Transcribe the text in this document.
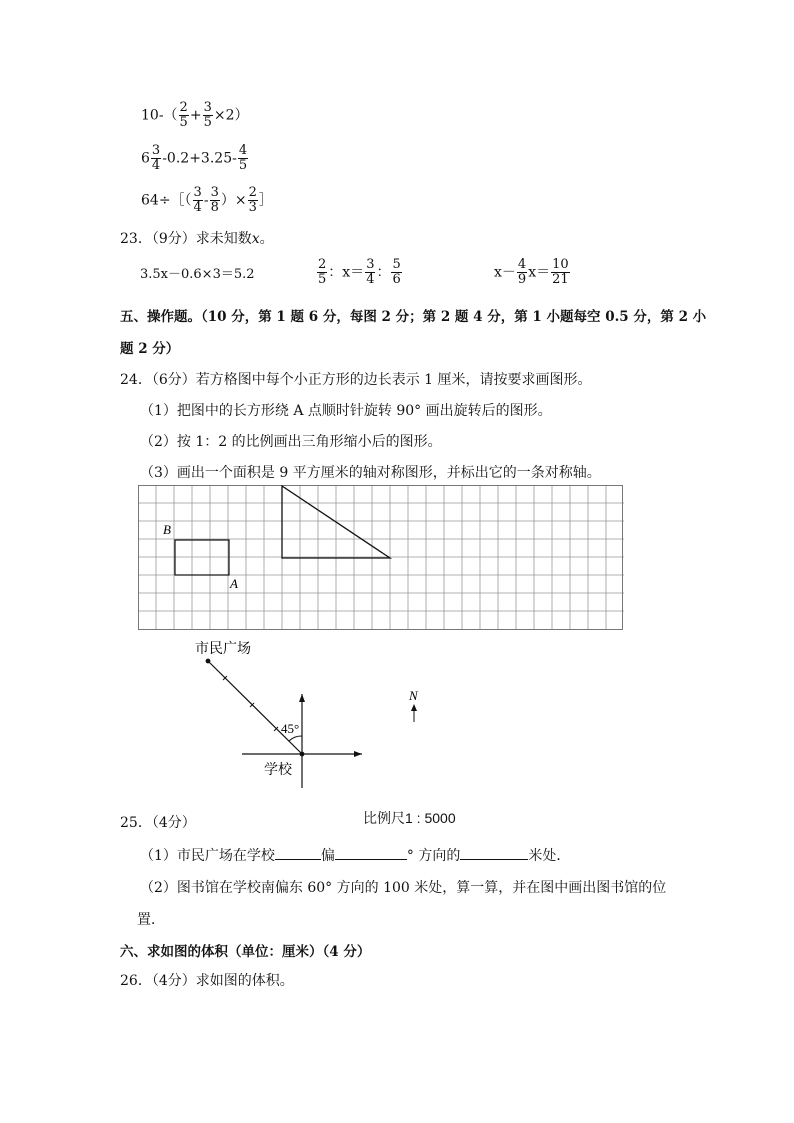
$10-( \frac{2}{5} + \frac{3}{5} \times 2)$
$6 \frac{3}{4} -0.2+3.25- \frac{4}{5}$
64÷［（ $\frac{3}{4} - \frac{3}{8}$ ）× $\frac{2}{3}$ ］
23．（9分）求未知数x。
3.5x－0.6×3＝5.2	$\frac{2}{5}$ ：$x= \frac{3}{4}$ ： $\frac{5}{6}$	$x- \frac{4}{9} x= \frac{10}{21}$
五、操作题。（10 分，第 1 题 6 分，每图 2 分；第 2 题 4 分，第 1 小题每空 0.5 分，第 2 小
题 2 分）
24．（6分）若方格图中每个小正方形的边长表示 1 厘米，请按要求画图形。
（1）把图中的长方形绕 A 点顺时针旋转 90° 画出旋转后的图形。
（2）按 1：2 的比例画出三角形缩小后的图形。
（3）画出一个面积是 9 平方厘米的轴对称图形，并标出它的一条对称轴。
B
A
市民广场
45°
学校
N
25．（4分）	比例尺1 : 5000
（1）市民广场在学校	偏	° 方向的	米处．
（2）图书馆在学校南偏东 60° 方向的 100 米处，算一算，并在图中画出图书馆的位
置．
六、求如图的体积（单位：厘米）（4 分）
26．（4分）求如图的体积。
